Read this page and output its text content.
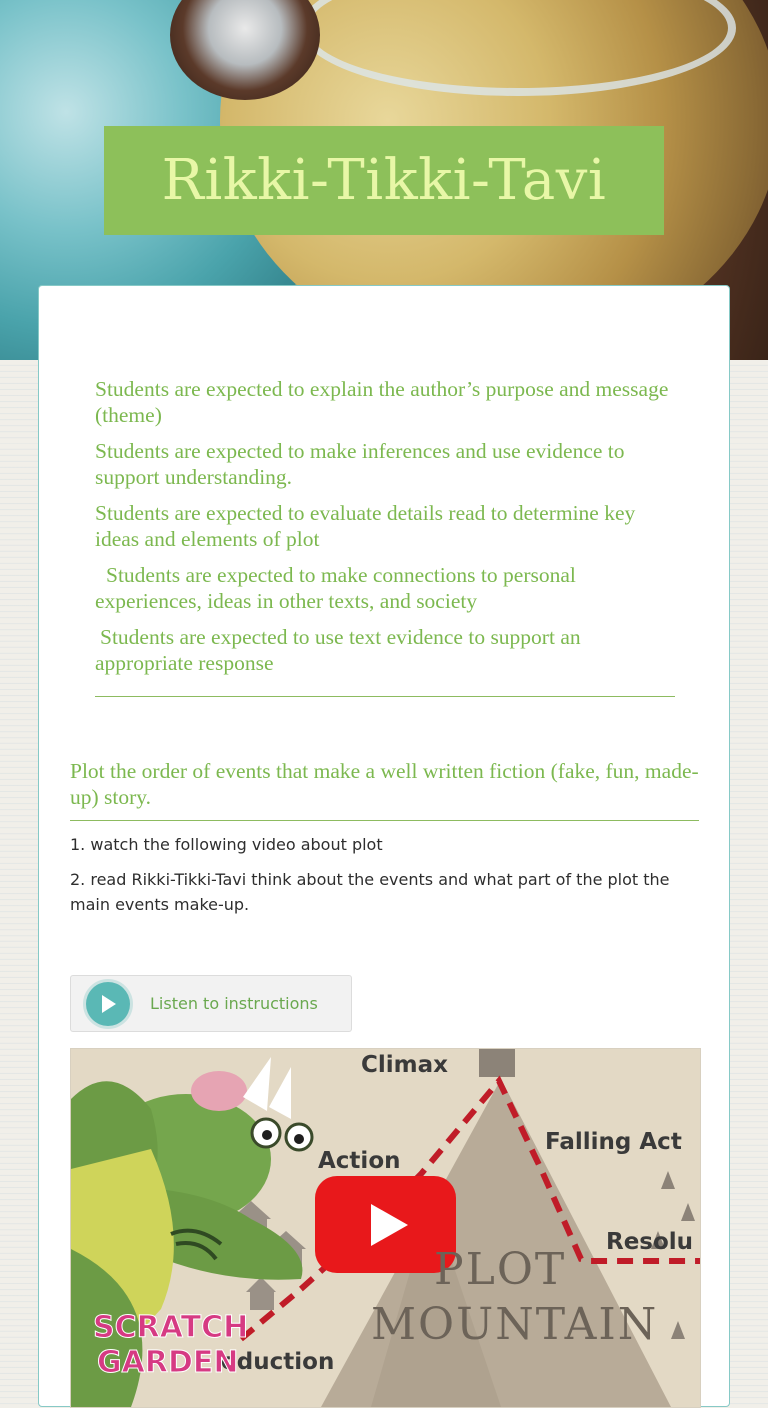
Rikki-Tikki-Tavi
Students are expected to explain the author’s purpose and message (theme)
Students are expected to make inferences and use evidence to support understanding.
Students are expected to evaluate details read to determine key ideas and elements of plot
Students are expected to make connections to personal experiences, ideas in other texts, and society
Students are expected to use text evidence to support an appropriate response
Plot the order of events that make a well written fiction (fake, fun, made-up) story.
1. watch the following video about plot
2. read Rikki-Tikki-Tavi think about the events and what part of the plot the main events make-up.
Listen to instructions
Climax
Falling Act
Action
Resolu
oduction
PLOT
MOUNTAIN
SCRATCH
GARDEN
